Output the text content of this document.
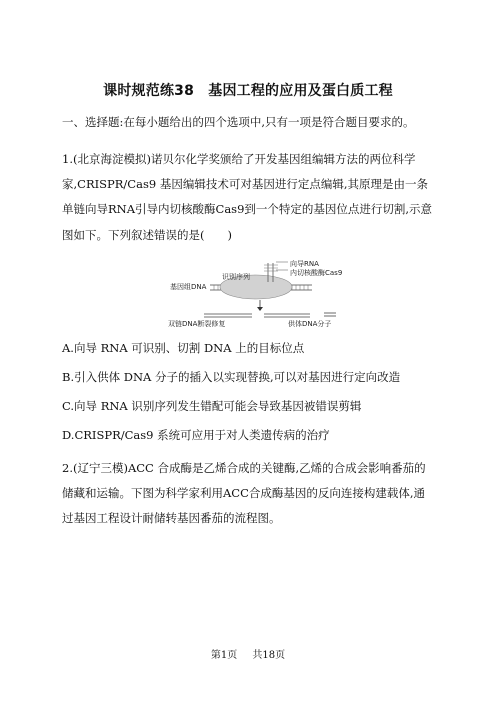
课时规范练38　基因工程的应用及蛋白质工程
一、选择题:在每小题给出的四个选项中,只有一项是符合题目要求的。
1.(北京海淀模拟)诺贝尔化学奖颁给了开发基因组编辑方法的两位科学
家,CRISPR/Cas9 基因编辑技术可对基因进行定点编辑,其原理是由一条
单链向导RNA引导内切核酸酶Cas9到一个特定的基因位点进行切割,示意
图如下。下列叙述错误的是(　　)
向导RNA
内切核酸酶Cas9
基因组DNA
识别序列
双链DNA断裂修复	供体DNA分子
A.向导 RNA 可识别、切割 DNA 上的目标位点
B.引入供体 DNA 分子的插入以实现替换,可以对基因进行定向改造
C.向导 RNA 识别序列发生错配可能会导致基因被错误剪辑
D.CRISPR/Cas9 系统可应用于对人类遗传病的治疗
2.(辽宁三模)ACC 合成酶是乙烯合成的关键酶,乙烯的合成会影响番茄的
储藏和运输。下图为科学家利用ACC合成酶基因的反向连接构建载体,通
过基因工程设计耐储转基因番茄的流程图。
第1页 共18页
